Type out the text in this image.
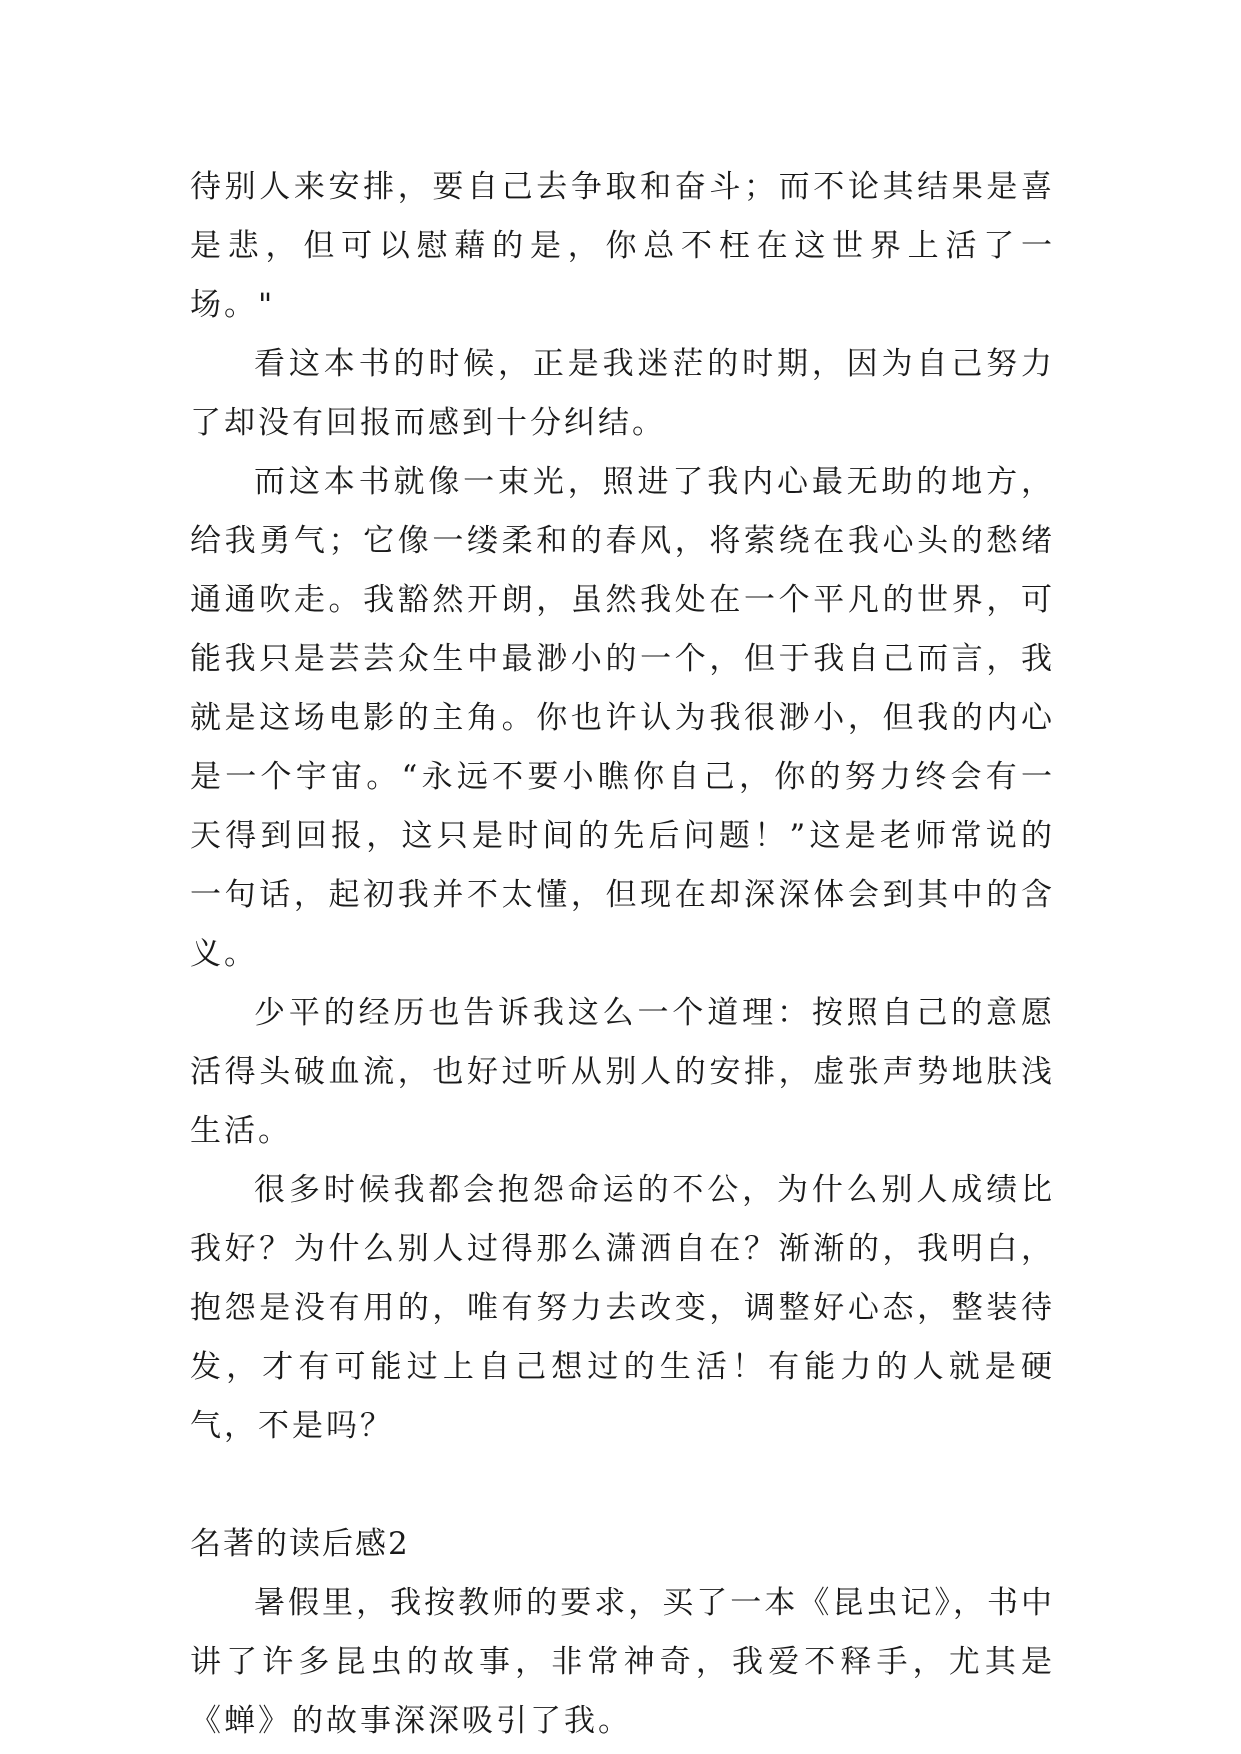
待别人来安排，要自己去争取和奋斗；而不论其结果是喜是悲，但可以慰藉的是，你总不枉在这世界上活了一场。"

看这本书的时候，正是我迷茫的时期，因为自己努力了却没有回报而感到十分纠结。

而这本书就像一束光，照进了我内心最无助的地方，给我勇气；它像一缕柔和的春风，将萦绕在我心头的愁绪通通吹走。我豁然开朗，虽然我处在一个平凡的世界，可能我只是芸芸众生中最渺小的一个，但于我自己而言，我就是这场电影的主角。你也许认为我很渺小，但我的内心是一个宇宙。“永远不要小瞧你自己，你的努力终会有一天得到回报，这只是时间的先后问题！”这是老师常说的一句话，起初我并不太懂，但现在却深深体会到其中的含义。

少平的经历也告诉我这么一个道理：按照自己的意愿活得头破血流，也好过听从别人的安排，虚张声势地肤浅生活。

很多时候我都会抱怨命运的不公，为什么别人成绩比我好？为什么别人过得那么潇洒自在？渐渐的，我明白，抱怨是没有用的，唯有努力去改变，调整好心态，整装待发，才有可能过上自己想过的生活！有能力的人就是硬气，不是吗？

名著的读后感2

暑假里，我按教师的要求，买了一本《昆虫记》，书中讲了许多昆虫的故事，非常神奇，我爱不释手，尤其是《蝉》的故事深深吸引了我。
